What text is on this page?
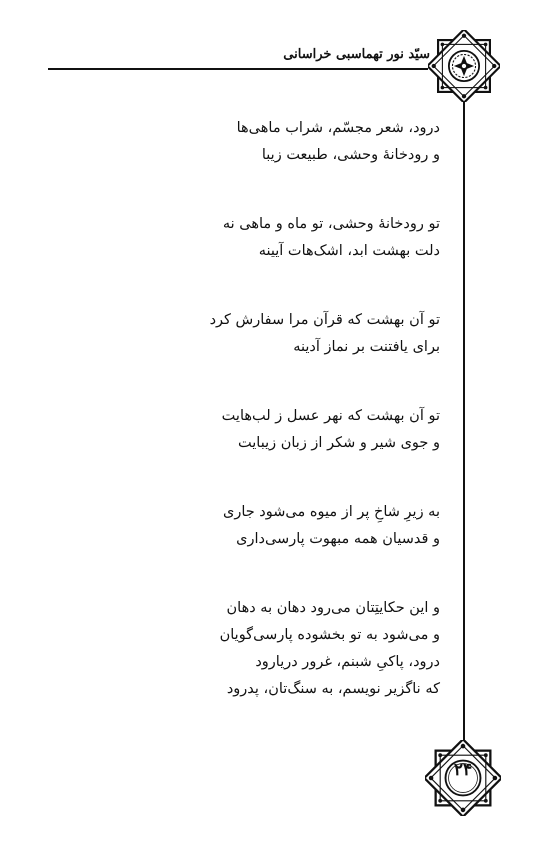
سیّد نور تهماسبی خراسانی
۲۴
درود، شعر مجسّم، شراب ماهی‌ها
و رودخانهٔ وحشی، طبیعت زیبا
تو رودخانهٔ وحشی، تو ماه و ماهی نه
دلت بهشت ابد، اشک‌هات آیینه
تو آن بهشت که قرآن مرا سفارش کرد
برای یافتنت بر نماز آدینه
تو آن بهشت که نهر عسل ز لب‌هایت
و جوی شیر و شکر از زبان زیبایت
به زیرِ شاخِ پر از میوه می‌شود جاری
و قدسیان همه مبهوت پارسی‌داری
و این حکایتِتان می‌رود دهان به دهان
و می‌شود به تو بخشوده پارسی‌گویان
درود، پاکیِ شبنم، غرور دریارود
که ناگزیر نویسم، به سنگ‌تان، پدرود
